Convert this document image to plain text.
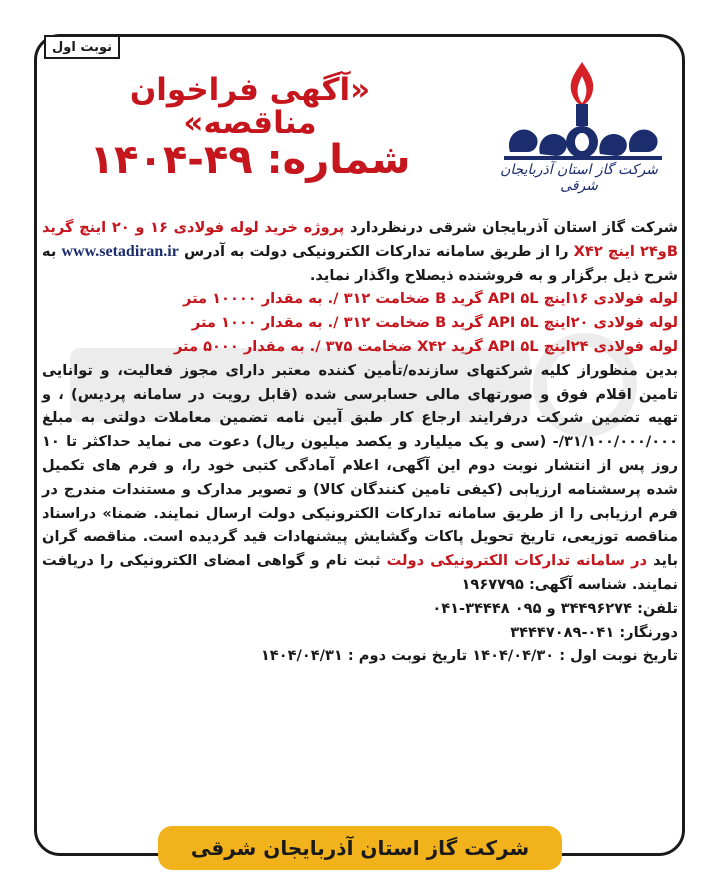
نوبت اول
شرکت گاز استان آذربایجان شرقی
«آگهی فراخوان مناقصه»
شماره: ۴۹-۱۴۰۴

شرکت گاز استان آذربایجان شرقی درنظردارد پروژه خرید لوله فولادی ۱۶ و ۲۰ اینچ گرید Bو۲۴ اینچ X۴۲ را از طریق سامانه تدارکات الکترونیکی دولت به آدرس www.setadiran.ir به شرح ذیل برگزار و به فروشنده ذیصلاح واگذار نماید.

لوله فولادی ۱۶اینچ API ۵L گرید B ضخامت ۳۱۲ /. به مقدار ۱۰۰۰۰ متر

لوله فولادی ۲۰اینچ API ۵L گرید B ضخامت ۳۱۲ /. به مقدار ۱۰۰۰ متر

لوله فولادی ۲۴اینچ API ۵L گرید X۴۲ ضخامت ۳۷۵ /. به مقدار ۵۰۰۰ متر

بدین منظوراز کلیه شرکتهای سازنده/تأمین کننده معتبر دارای مجوز فعالیت، و توانایی تامین اقلام فوق و صورتهای مالی حسابرسی شده (قابل رویت در سامانه پردیس) ، و تهیه تضمین شرکت درفرایند ارجاع کار طبق آیین نامه تضمین معاملات دولتی به مبلغ ۳۱/۱۰۰/۰۰۰/۰۰۰/- (سی و یک میلیارد و یکصد میلیون ریال) دعوت می نماید حداکثر تا ۱۰ روز پس از انتشار نوبت دوم این آگهی، اعلام آمادگی کتبی خود را، و فرم های تکمیل شده پرسشنامه ارزیابی (کیفی تامین کنندگان کالا) و تصویر مدارک و مستندات مندرج در فرم ارزیابی را از طریق سامانه تدارکات الکترونیکی دولت ارسال نمایند. ضمنا» دراسناد مناقصه توزیعی، تاریخ تحویل پاکات وگشایش پیشنهادات قید گردیده است. مناقصه گران باید در سامانه تدارکات الکترونیکی دولت ثبت نام و گواهی امضای الکترونیکی را دریافت نمایند. شناسه آگهی: ۱۹۶۷۷۹۵

تلفن: ۳۴۴۹۶۲۷۴ و ۰۹۵ ۳۴۴۴۸-۰۴۱

دورنگار: ۰۴۱-۳۴۴۴۷۰۸۹

تاریخ نوبت اول : ۱۴۰۴/۰۴/۳۰ تاریخ نوبت دوم : ۱۴۰۴/۰۴/۳۱

شرکت گاز استان آذربایجان شرقی
